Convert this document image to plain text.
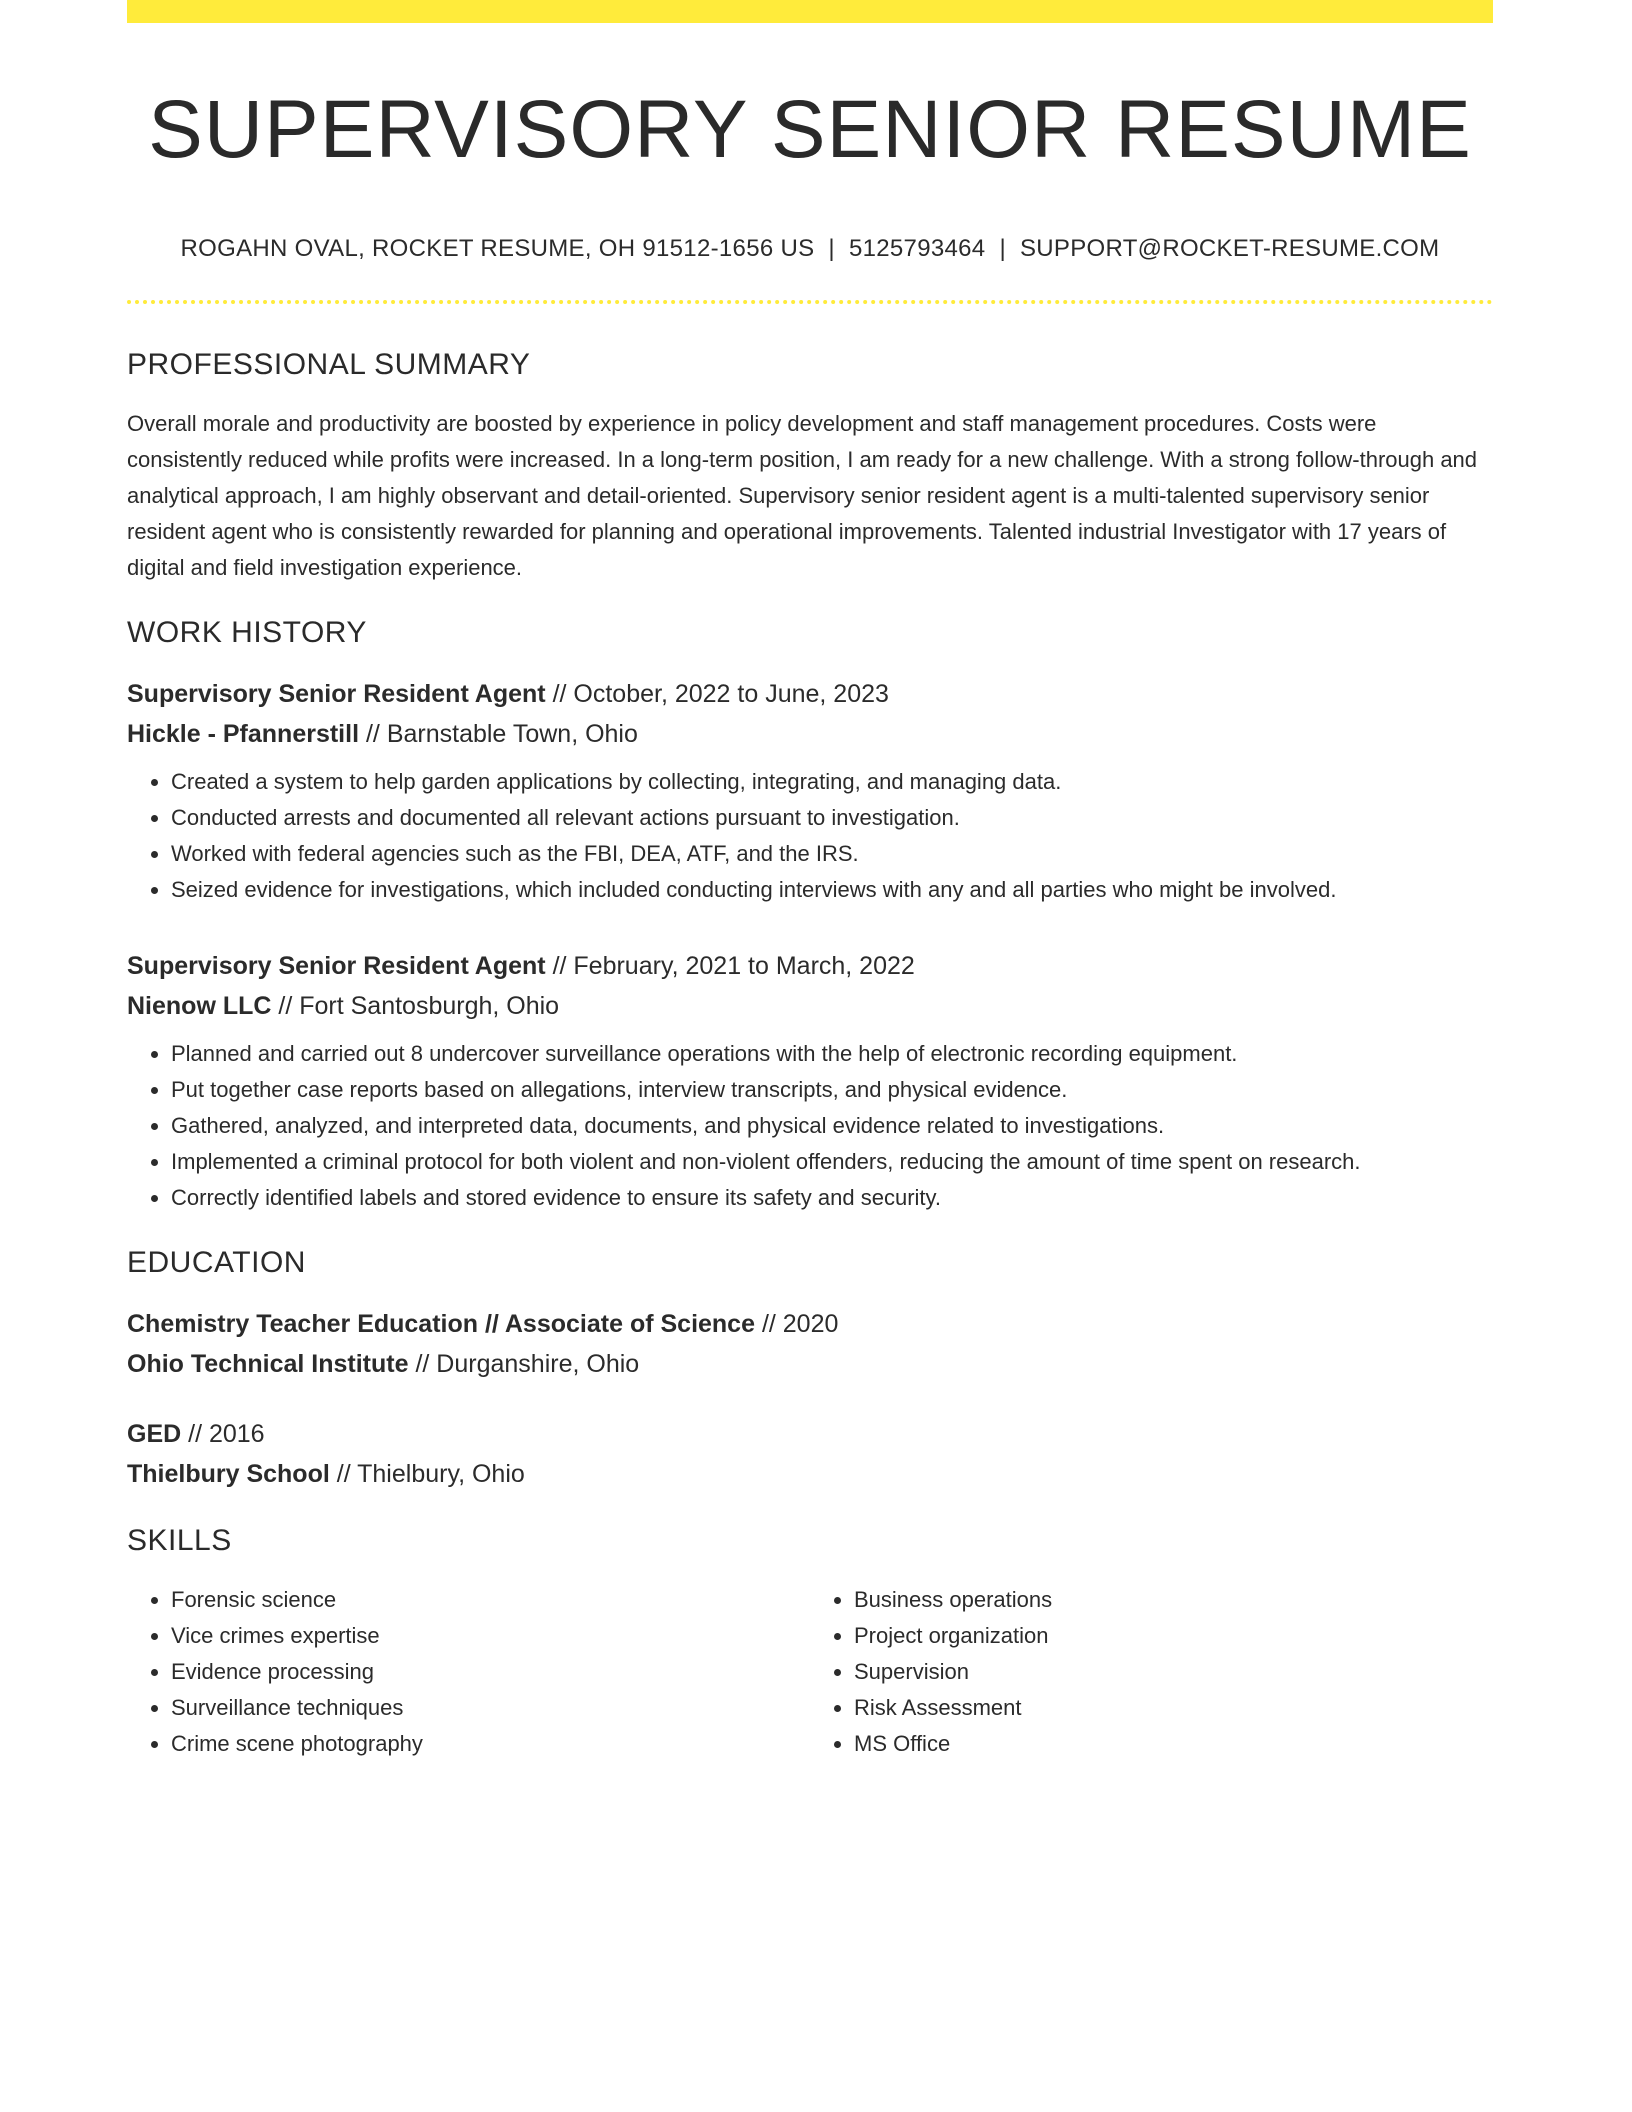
SUPERVISORY SENIOR RESUME
ROGAHN OVAL, ROCKET RESUME, OH 91512-1656 US | 5125793464 | SUPPORT@ROCKET-RESUME.COM
PROFESSIONAL SUMMARY
Overall morale and productivity are boosted by experience in policy development and staff management procedures. Costs were consistently reduced while profits were increased. In a long-term position, I am ready for a new challenge. With a strong follow-through and analytical approach, I am highly observant and detail-oriented. Supervisory senior resident agent is a multi-talented supervisory senior resident agent who is consistently rewarded for planning and operational improvements. Talented industrial Investigator with 17 years of digital and field investigation experience.
WORK HISTORY
Supervisory Senior Resident Agent // October, 2022 to June, 2023
Hickle - Pfannerstill // Barnstable Town, Ohio
• Created a system to help garden applications by collecting, integrating, and managing data.
• Conducted arrests and documented all relevant actions pursuant to investigation.
• Worked with federal agencies such as the FBI, DEA, ATF, and the IRS.
• Seized evidence for investigations, which included conducting interviews with any and all parties who might be involved.
Supervisory Senior Resident Agent // February, 2021 to March, 2022
Nienow LLC // Fort Santosburgh, Ohio
• Planned and carried out 8 undercover surveillance operations with the help of electronic recording equipment.
• Put together case reports based on allegations, interview transcripts, and physical evidence.
• Gathered, analyzed, and interpreted data, documents, and physical evidence related to investigations.
• Implemented a criminal protocol for both violent and non-violent offenders, reducing the amount of time spent on research.
• Correctly identified labels and stored evidence to ensure its safety and security.
EDUCATION
Chemistry Teacher Education // Associate of Science // 2020
Ohio Technical Institute // Durganshire, Ohio
GED // 2016
Thielbury School // Thielbury, Ohio
SKILLS
• Forensic science
• Vice crimes expertise
• Evidence processing
• Surveillance techniques
• Crime scene photography
• Business operations
• Project organization
• Supervision
• Risk Assessment
• MS Office
